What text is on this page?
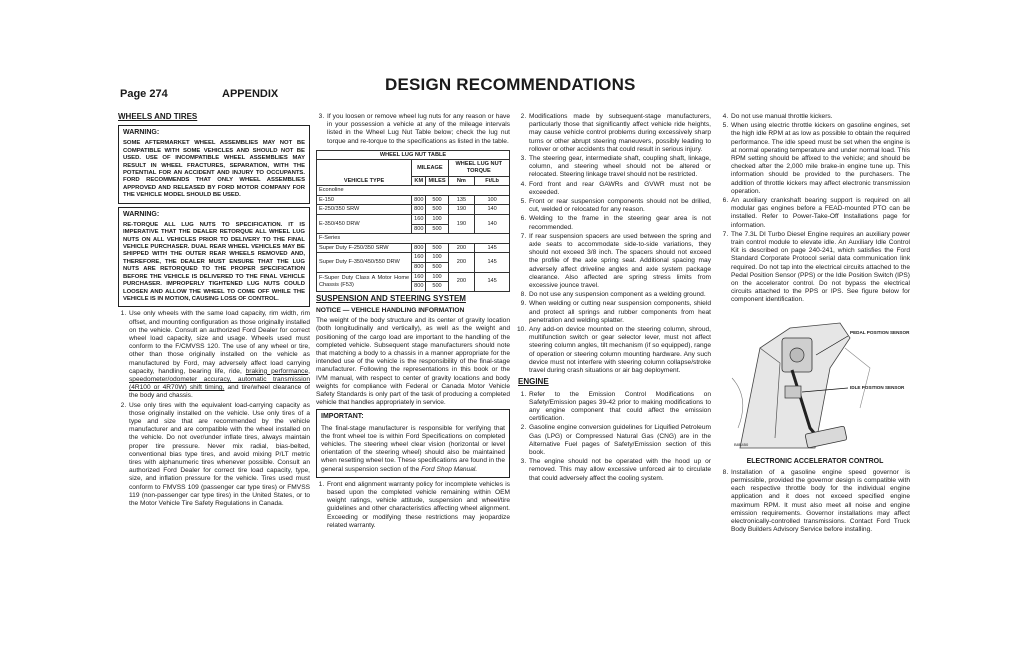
Page 274	APPENDIX	DESIGN RECOMMENDATIONS
WHEELS AND TIRES
WARNING:
SOME AFTERMARKET WHEEL ASSEMBLIES MAY NOT BE COMPATIBLE WITH SOME VEHICLES AND SHOULD NOT BE USED. USE OF INCOMPATIBLE WHEEL ASSEMBLIES MAY RESULT IN WHEEL FRACTURES, SEPARATION, WITH THE POTENTIAL FOR AN ACCIDENT AND INJURY TO OCCUPANTS. FORD RECOMMENDS THAT ONLY WHEEL ASSEMBLIES APPROVED AND RELEASED BY FORD MOTOR COMPANY FOR THE VEHICLE MODEL SHOULD BE USED.
WARNING:
RE-TORQUE ALL LUG NUTS TO SPECIFICATION. IT IS IMPERATIVE THAT THE DEALER RETORQUE ALL WHEEL LUG NUTS ON ALL VEHICLES PRIOR TO DELIVERY TO THE FINAL VEHICLE PURCHASER. DUAL REAR WHEEL VEHICLES MAY BE SHIPPED WITH THE OUTER REAR WHEELS REMOVED AND, THEREFORE, THE DEALER MUST ENSURE THAT THE LUG NUTS ARE RETORQUED TO THE PROPER SPECIFICATION BEFORE THE VEHICLE IS DELIVERED TO THE FINAL VEHICLE PURCHASER. IMPROPERLY TIGHTENED LUG NUTS COULD LOOSEN AND ALLOW THE WHEEL TO COME OFF WHILE THE VEHICLE IS IN MOTION, CAUSING LOSS OF CONTROL.
1. Use only wheels with the same load capacity, rim width, rim offset, and mounting configuration as those originally installed on the vehicle. Consult an authorized Ford Dealer for correct wheel load capacity, size and usage. Wheels used must conform to the F/CMVSS 120. The use of any wheel or tire, other than those originally installed on the vehicle as manufactured by Ford, may adversely affect load carrying capacity, handling, bearing life, ride, braking performance, speedometer/odometer accuracy, automatic transmission (4R100 or 4R70W) shift timing, and tire/wheel clearance of the body and chassis.
2. Use only tires with the equivalent load-carrying capacity as those originally installed on the vehicle. Use only tires of a type and size that are recommended by the vehicle manufacturer and are compatible with the wheel installed on the vehicle. Do not over/under inflate tires, always maintain proper tire pressure. Never mix radial, bias-belted, conventional bias type tires, and avoid mixing P/LT metric tires with alphanumeric tires whenever possible. Consult an authorized Ford Dealer for correct tire load capacity, type, size, and inflation pressure for the vehicle. Tires used must conform to FMVSS 109 (passenger car type tires) or FMVSS 119 (non-passenger car type tires) in the United States, or to the Motor Vehicle Tire Safety Regulations in Canada.
3. If you loosen or remove wheel lug nuts for any reason or have in your possession a vehicle at any of the mileage intervals listed in the Wheel Lug Nut Table below; check the lug nut torque and re-torque to the specifications as listed in the table.
WHEEL LUG NUT TABLE				
VEHICLE TYPE	MILEAGE		WHEEL LUG NUT TORQUE	
	KM	MILES	Nm	Ft/Lb
Econoline				
E-150	800	500	135	100
E-250/350 SRW	800	500	190	140
E-350/450 DRW	160	100	190	140
	800	500		
F-Series				
Super Duty F-250/350 SRW	800	500	200	145
Super Duty F-350/450/550 DRW	160	100	200	145
	800	500		
F-Super Duty Class A Motor Home Chassis (F53)	160	100	200	145
	800	500		
SUSPENSION AND STEERING SYSTEM
NOTICE — VEHICLE HANDLING INFORMATION

The weight of the body structure and its center of gravity location (both longitudinally and vertically), as well as the weight and positioning of the cargo load are important to the handling of the completed vehicle. Subsequent stage manufacturers should note that matching a body to a chassis in a manner appropriate for the intended use of the vehicle is the responsibility of the final-stage manufacturer. Following the representations in this book or the IVM manual, with respect to center of gravity locations and body weights for compliance with Federal or Canada Motor Vehicle Safety Standards is only part of the task of producing a completed vehicle that handles appropriately in service.

IMPORTANT:
The final-stage manufacturer is responsible for verifying that the front wheel toe is within Ford Specifications on completed vehicles. The steering wheel clear vision (horizontal or level orientation of the steering wheel) should also be maintained when resetting wheel toe. These specifications are found in the general suspension section of the Ford Shop Manual.
1. Front end alignment warranty policy for incomplete vehicles is based upon the completed vehicle remaining within OEM weight ratings, vehicle attitude, suspension and wheel/tire guidelines and other characteristics affecting wheel alignment. Exceeding or modifying these restrictions may jeopardize related warranty.
2. Modifications made by subsequent-stage manufacturers, particularly those that significantly affect vehicle ride heights, may cause vehicle control problems during excessively sharp turns or other abrupt steering maneuvers, possibly leading to rollover or other accidents that could result in serious injury.
3. The steering gear, intermediate shaft, coupling shaft, linkage, column, and steering wheel should not be altered or relocated. Steering linkage travel should not be restricted.
4. Ford front and rear GAWRs and GVWR must not be exceeded.
5. Front or rear suspension components should not be drilled, cut, welded or relocated for any reason.
6. Welding to the frame in the steering gear area is not recommended.
7. If rear suspension spacers are used between the spring and axle seats to accommodate side-to-side variations, they should not exceed 3/8 inch. The spacers should not exceed the profile of the axle spring seat. Additional spacing may adversely affect driveline angles and axle system package clearance. Also affected are spring stress limits from excessive jounce travel.
8. Do not use any suspension component as a welding ground.
9. When welding or cutting near suspension components, shield and protect all springs and rubber components from heat penetration and welding splatter.
10. Any add-on device mounted on the steering column, shroud, multifunction switch or gear selector lever, must not affect steering column angles, tilt mechanism (if so equipped), range of operation or steering column mounting hardware. Any such device must not interfere with steering column collapse/stroke travel during crash situations or air bag deployment.
ENGINE
1. Refer to the Emission Control Modifications on Safety/Emission pages 39-42 prior to making modifications to any engine component that could affect the emission certification.
2. Gasoline engine conversion guidelines for Liquified Petroleum Gas (LPG) or Compressed Natural Gas (CNG) are in the Alternative Fuel pages of Safety/Emission section of this book.
3. The engine should not be operated with the hood up or removed. This may allow excessive unforced air to circulate that could adversely affect the cooling system.
4. Do not use manual throttle kickers.
5. When using electric throttle kickers on gasoline engines, set the high idle RPM at as low as possible to obtain the required performance. The idle speed must be set when the engine is at normal operating temperature and under normal load. This RPM setting should be affixed to the vehicle; and should be checked after the 2,000 mile brake-in engine tune up. This information should be provided to the purchasers. The addition of throttle kickers may affect electronic transmission operation.
6. An auxiliary crankshaft bearing support is required on all modular gas engines before a FEAD-mounted PTO can be installed. Refer to Power-Take-Off Installations page for information.
7. The 7.3L DI Turbo Diesel Engine requires an auxiliary power train control module to elevate idle. An Auxiliary Idle Control Kit is described on page 240-241, which satisfies the Ford Standard Corporate Protocol serial data communication link required. Do not tap into the electrical circuits attached to the Pedal Position Sensor (PPS) or the Idle Position Switch (IPS) on the accelerator control. Do not bypass the electrical circuits attached to the PPS or IPS. See figure below for component identification.
PEDAL POSITION SENSOR
IDLE POSITION SENSOR
B8B450
ELECTRONIC ACCELERATOR CONTROL
8. Installation of a gasoline engine speed governor is permissible, provided the governor design is compatible with each respective throttle body for the individual engine application and it does not exceed specified engine maximum RPM. It must also meet all noise and engine emission requirements. Governor installations may affect electronically-controlled transmissions. Contact Ford Truck Body Builders Advisory Service before installing.
